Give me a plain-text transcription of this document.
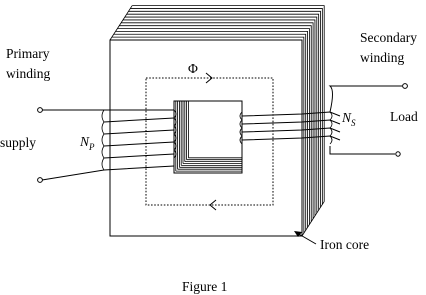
Primary
winding
supply
Secondary
winding
Load
Φ
$N_P$
$N_S$
Iron core
Figure 1
